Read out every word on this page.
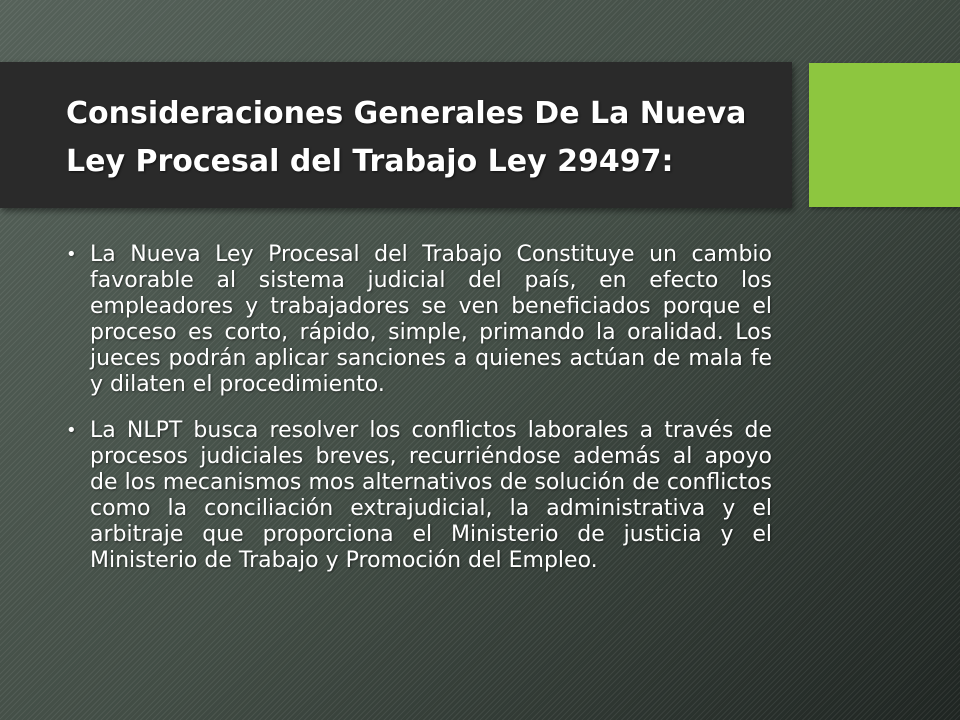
Consideraciones Generales De La Nueva Ley Procesal del Trabajo Ley 29497:

• La Nueva Ley Procesal del Trabajo Constituye un cambio favorable al sistema judicial del país, en efecto los empleadores y trabajadores se ven beneficiados porque el proceso es corto, rápido, simple, primando la oralidad. Los jueces podrán aplicar sanciones a quienes actúan de mala fe y dilaten el procedimiento.

• La NLPT busca resolver los conflictos laborales a través de procesos judiciales breves, recurriéndose además al apoyo de los mecanismos mos alternativos de solución de conflictos como la conciliación extrajudicial, la administrativa y el arbitraje que proporciona el Ministerio de justicia y el Ministerio de Trabajo y Promoción del Empleo.
